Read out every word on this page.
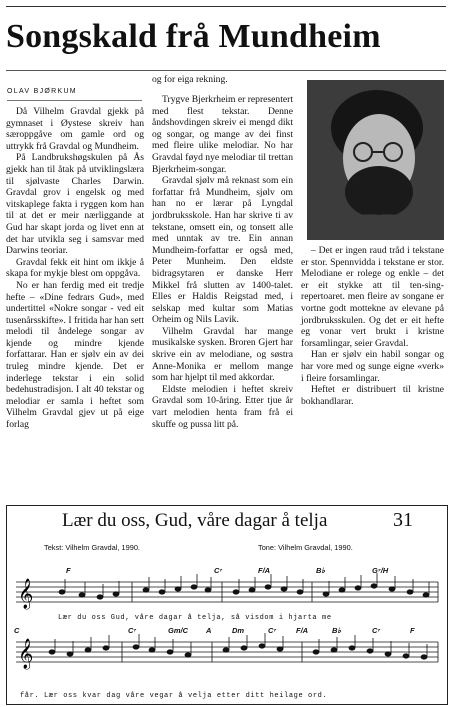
Songskald frå Mundheim
OLAV BJØRKUM

Då Vilhelm Gravdal gjekk på gymnaset i Øystese skreiv han særoppgåve om gamle ord og uttrykk frå Gravdal og Mundheim.

På Landbrukshøgskulen på Ås gjekk han til åtak på utviklingslæra til sjølvaste Charles Darwin. Gravdal grov i engelsk og med vitskaplege fakta i ryggen kom han til at det er meir nærliggande at Gud har skapt jorda og livet enn at det har utvikla seg i samsvar med Darwins teoriar.

Gravdal fekk eit hint om ikkje å skapa for mykje blest om oppgåva.

No er han ferdig med eit tredje hefte – «Dine fedrars Gud», med undertittel «Nokre songar - ved eit tusenårsskifte». I fritida har han sett melodi til åndelege songar av kjende og mindre kjende forfattarar. Han er sjølv ein av dei truleg mindre kjende. Det er inderlege tekstar i ein solid bedehustradisjon. I alt 40 tekstar og melodiar er samla i heftet som Vilhelm Gravdal gjev ut på eige forlag

og for eiga rekning.

Trygve Bjerkrheim er representert med flest tekstar. Denne åndshovdingen skreiv ei mengd dikt og songar, og mange av dei finst med fleire ulike melodiar. No har Gravdal føyd nye melodiar til trettan Bjerkrheim-songar.

Gravdal sjølv må reknast som ein forfattar frå Mundheim, sjølv om han no er lærar på Lyngdal jordbruksskole. Han har skrive ti av tekstane, omsett ein, og tonsett alle med unntak av tre. Ein annan Mundheim-forfattar er også med, Peter Munheim. Den eldste bidragsytaren er danske Herr Mikkel frå slutten av 1400-talet. Elles er Haldis Reigstad med, i selskap med kultar som Matias Orheim og Nils Lavik.

Vilhelm Gravdal har mange musikalske sysken. Broren Gjert har skrive ein av melodiane, og søstra Anne-Monika er mellom mange som har hjelpt til med akkordar.

Eldste melodien i heftet skreiv Gravdal som 10-åring. Etter tjue år vart melodien henta fram frå ei skuffe og pussa litt på.

– Det er ingen raud tråd i tekstane er stor. Spennvidda i tekstane er stor. Melodiane er rolege og enkle – det er eit stykke att til ten-sing-repertoaret. men fleire av songane er vortne godt mottekne av elevane på jordbruksskulen. Og det er eit hefte eg vonar vert brukt i kristne forsamlingar, seier Gravdal.

Han er sjølv ein habil songar og har vore med og sunge eigne «verk» i fleire forsamlingar.

Heftet er distribuert til kristne bokhandlarar.

Lær du oss, Gud, våre dagar å telja	31
Tekst: Vilhelm Gravdal, 1990.	Tone: Vilhelm Gravdal, 1990.
𝄞
𝄞
Lær du oss Gud, våre dagar å telja, så visdom i hjarta me
får. Lær oss kvar dag våre vegar å velja etter ditt heilage ord.
F	C⁷	F/A	B♭	G⁷/H
C	C⁷	Gm/C A	Dm	C⁷	F/A	B♭	C⁷	F
